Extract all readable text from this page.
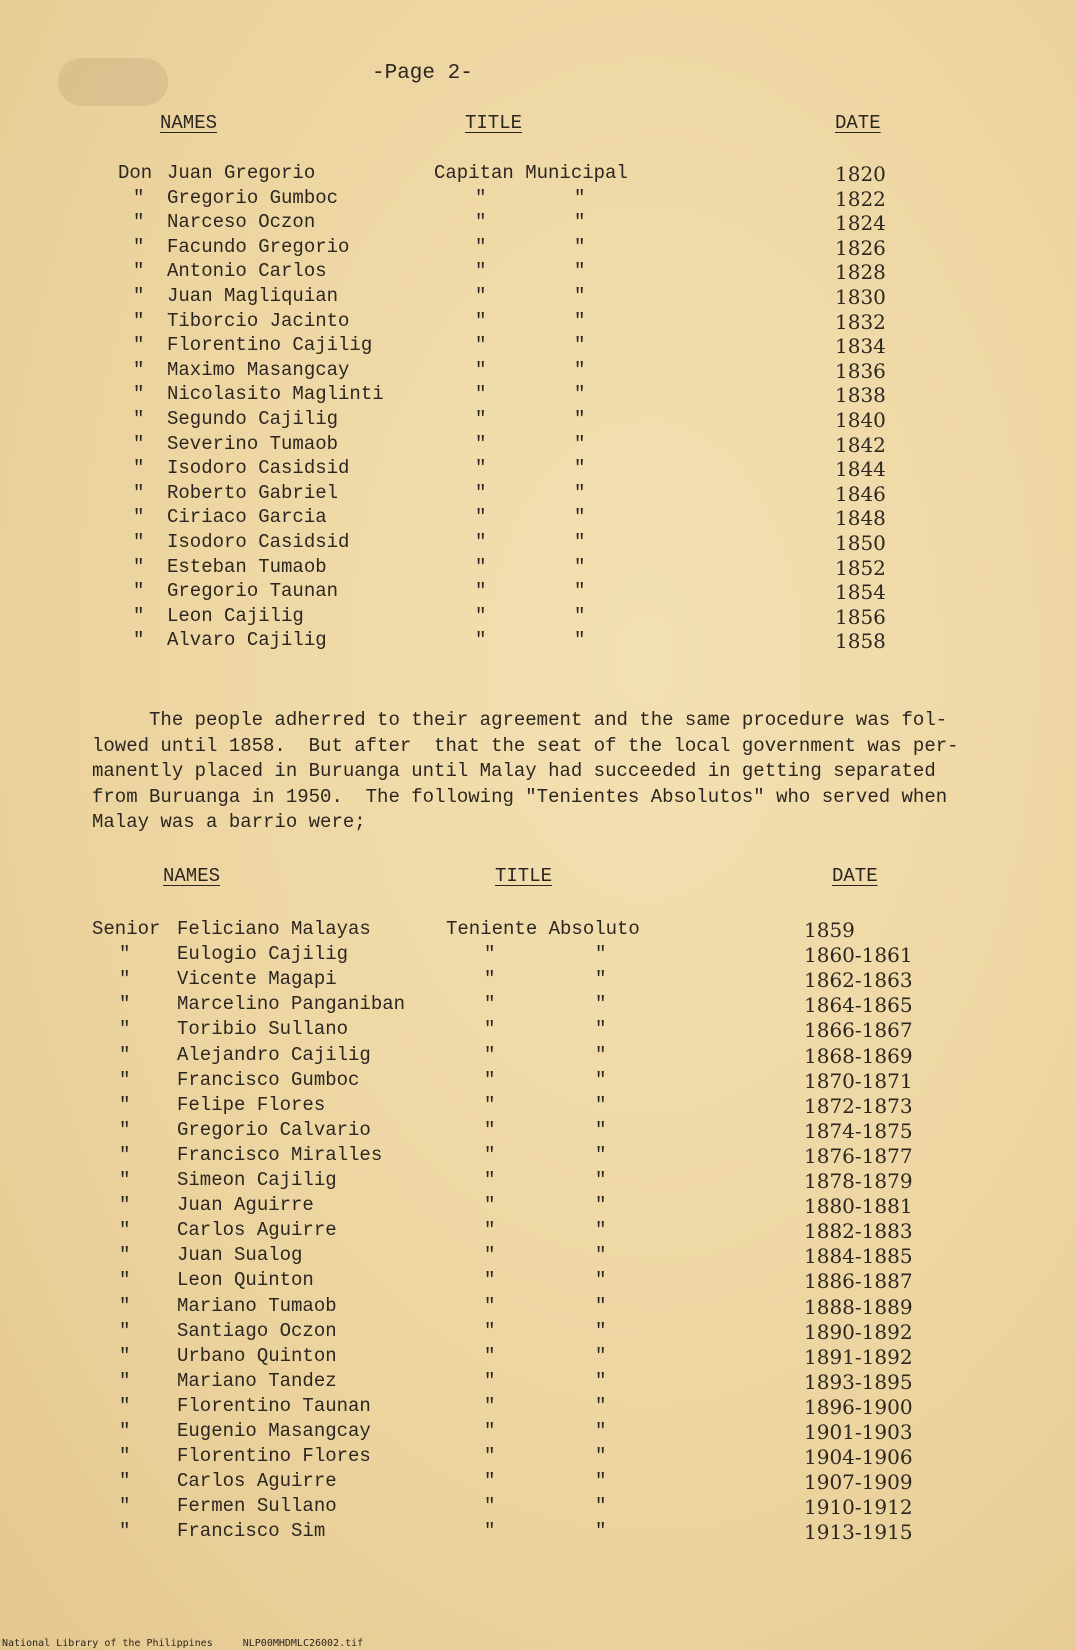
-Page 2-
NAMES	TITLE	DATE
Don Juan Gregorio	Capitan Municipal	1820
" Gregorio Gumboc	"	"	1822
" Narceso Oczon	"	"	1824
" Facundo Gregorio	"	"	1826
" Antonio Carlos	"	"	1828
" Juan Magliquian	"	"	1830
" Tiborcio Jacinto	"	"	1832
" Florentino Cajilig	"	"	1834
" Maximo Masangcay	"	"	1836
" Nicolasito Maglinti	"	"	1838
" Segundo Cajilig	"	"	1840
" Severino Tumaob	"	"	1842
" Isodoro Casidsid	"	"	1844
" Roberto Gabriel	"	"	1846
" Ciriaco Garcia	"	"	1848
" Isodoro Casidsid	"	"	1850
" Esteban Tumaob	"	"	1852
" Gregorio Taunan	"	"	1854
" Leon Cajilig	"	"	1856
" Alvaro Cajilig	"	"	1858

The people adherred to their agreement and the same procedure was fol-

lowed until 1858.  But after  that the seat of the local government was per-

manently placed in Buruanga until Malay had succeeded in getting separated

from Buruanga in 1950.  The following "Tenientes Absolutos" who served when

Malay was a barrio were;

NAMES	TITLE	DATE
Senior Feliciano Malayas	Teniente Absoluto	1859
" Eulogio Cajilig	"	"	1860-1861
" Vicente Magapi	"	"	1862-1863
" Marcelino Panganiban	"	"	1864-1865
" Toribio Sullano	"	"	1866-1867
" Alejandro Cajilig	"	"	1868-1869
" Francisco Gumboc	"	"	1870-1871
" Felipe Flores	"	"	1872-1873
" Gregorio Calvario	"	"	1874-1875
" Francisco Miralles	"	"	1876-1877
" Simeon Cajilig	"	"	1878-1879
" Juan Aguirre	"	"	1880-1881
" Carlos Aguirre	"	"	1882-1883
" Juan Sualog	"	"	1884-1885
" Leon Quinton	"	"	1886-1887
" Mariano Tumaob	"	"	1888-1889
" Santiago Oczon	"	"	1890-1892
" Urbano Quinton	"	"	1891-1892
" Mariano Tandez	"	"	1893-1895
" Florentino Taunan	"	"	1896-1900
" Eugenio Masangcay	"	"	1901-1903
" Florentino Flores	"	"	1904-1906
" Carlos Aguirre	"	"	1907-1909
" Fermen Sullano	"	"	1910-1912
" Francisco Sim	"	"	1913-1915
National Library of the Philippines	NLP00MHDMLC26002.tif
